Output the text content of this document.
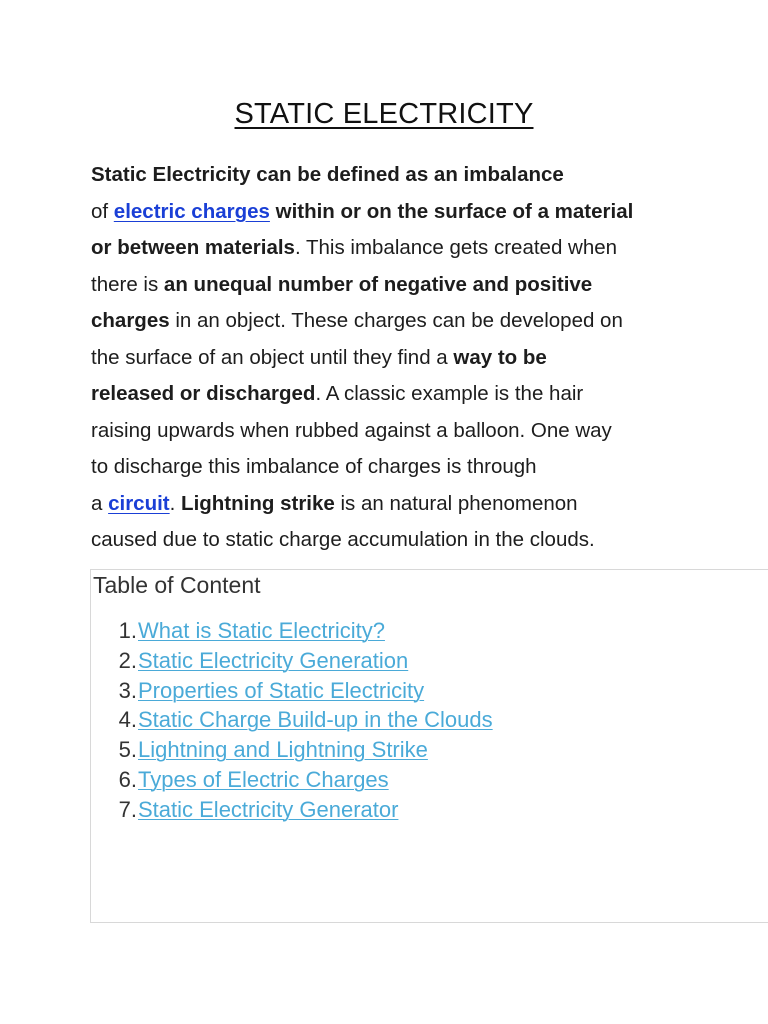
STATIC ELECTRICITY
Static Electricity can be defined as an imbalance
of electric charges within or on the surface of a material
or between materials. This imbalance gets created when
there is an unequal number of negative and positive
charges in an object. These charges can be developed on
the surface of an object until they find a way to be
released or discharged. A classic example is the hair
raising upwards when rubbed against a balloon. One way
to discharge this imbalance of charges is through
a circuit. Lightning strike is an natural phenomenon
caused due to static charge accumulation in the clouds.
Table of Content
1. What is Static Electricity?
2. Static Electricity Generation
3. Properties of Static Electricity
4. Static Charge Build-up in the Clouds
5. Lightning and Lightning Strike
6. Types of Electric Charges
7. Static Electricity Generator
